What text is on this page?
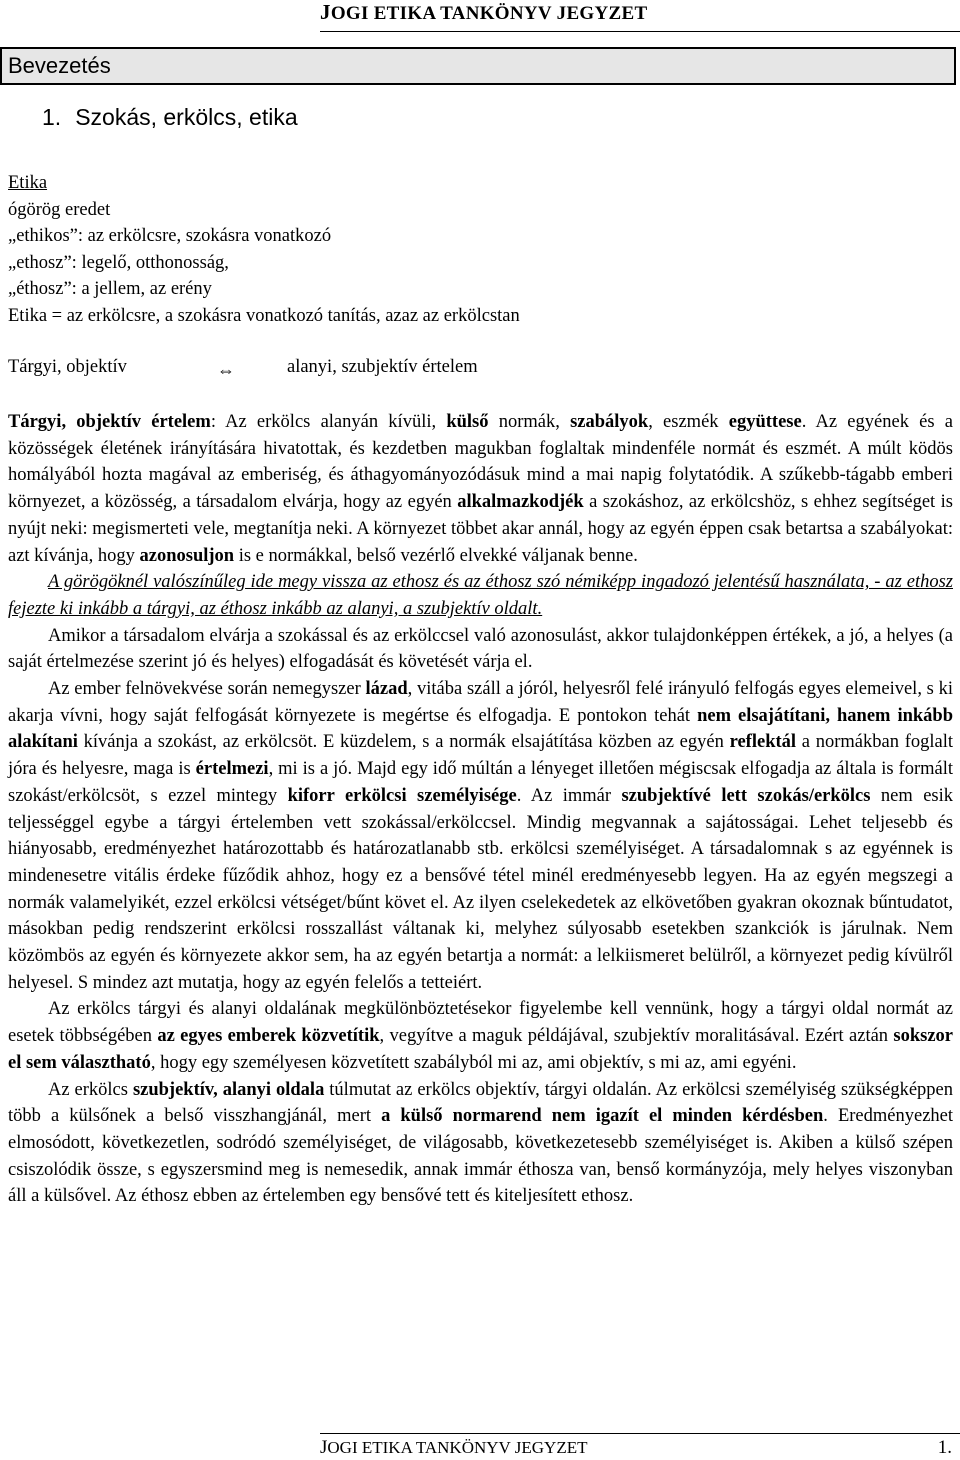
JOGI ETIKA TANKÖNYV JEGYZET
Bevezetés
1. Szokás, erkölcs, etika
Etika
ógörög eredet
„ethikos”: az erkölcsre, szokásra vonatkozó
„ethosz”: legelő, otthonosság,
„éthosz”: a jellem, az erény
Etika = az erkölcsre, a szokásra vonatkozó tanítás, azaz az erkölcstan
Tárgyi, objektív	⇔	alanyi, szubjektív értelem

Tárgyi, objektív értelem: Az erkölcs alanyán kívüli, külső normák, szabályok, eszmék együttese. Az egyének és a közösségek életének irányítására hivatottak, és kezdetben magukban foglaltak mindenféle normát és eszmét. A múlt ködös homályából hozta magával az emberiség, és áthagyományozódásuk mind a mai napig folytatódik. A szűkebb-tágabb emberi környezet, a közösség, a társadalom elvárja, hogy az egyén alkalmazkodjék a szokáshoz, az erkölcshöz, s ehhez segítséget is nyújt neki: megismerteti vele, megtanítja neki. A környezet többet akar annál, hogy az egyén éppen csak betartsa a szabályokat: azt kívánja, hogy azonosuljon is e normákkal, belső vezérlő elvekké váljanak benne.

A görögöknél valószínűleg ide megy vissza az ethosz és az éthosz szó némiképp ingadozó jelentésű használata, - az ethosz fejezte ki inkább a tárgyi, az éthosz inkább az alanyi, a szubjektív oldalt.

Amikor a társadalom elvárja a szokással és az erkölccsel való azonosulást, akkor tulajdonképpen értékek, a jó, a helyes (a saját értelmezése szerint jó és helyes) elfogadását és követését várja el.

Az ember felnövekvése során nemegyszer lázad, vitába száll a jóról, helyesről felé irányuló felfogás egyes elemeivel, s ki akarja vívni, hogy saját felfogását környezete is megértse és elfogadja. E pontokon tehát nem elsajátítani, hanem inkább alakítani kívánja a szokást, az erkölcsöt. E küzdelem, s a normák elsajátítása közben az egyén reflektál a normákban foglalt jóra és helyesre, maga is értelmezi, mi is a jó. Majd egy idő múltán a lényeget illetően mégiscsak elfogadja az általa is formált szokást/erkölcsöt, s ezzel mintegy kiforr erkölcsi személyisége. Az immár szubjektívé lett szokás/erkölcs nem esik teljességgel egybe a tárgyi értelemben vett szokással/erkölccsel. Mindig megvannak a sajátosságai. Lehet teljesebb és hiányosabb, eredményezhet határozottabb és határozatlanabb stb. erkölcsi személyiséget. A társadalomnak s az egyénnek is mindenesetre vitális érdeke fűződik ahhoz, hogy ez a bensővé tétel minél eredményesebb legyen. Ha az egyén megszegi a normák valamelyikét, ezzel erkölcsi vétséget/bűnt követ el. Az ilyen cselekedetek az elkövetőben gyakran okoznak bűntudatot, másokban pedig rendszerint erkölcsi rosszallást váltanak ki, melyhez súlyosabb esetekben szankciók is járulnak. Nem közömbös az egyén és környezete akkor sem, ha az egyén betartja a normát: a lelkiismeret belülről, a környezet pedig kívülről helyesel. S mindez azt mutatja, hogy az egyén felelős a tetteiért.

Az erkölcs tárgyi és alanyi oldalának megkülönböztetésekor figyelembe kell vennünk, hogy a tárgyi oldal normát az esetek többségében az egyes emberek közvetítik, vegyítve a maguk példájával, szubjektív moralitásával. Ezért aztán sokszor el sem választható, hogy egy személyesen közvetített szabályból mi az, ami objektív, s mi az, ami egyéni.

Az erkölcs szubjektív, alanyi oldala túlmutat az erkölcs objektív, tárgyi oldalán. Az erkölcsi személyiség szükségképpen több a külsőnek a belső visszhangjánál, mert a külső normarend nem igazít el minden kérdésben. Eredményezhet elmosódott, következetlen, sodródó személyiséget, de világosabb, következetesebb személyiséget is. Akiben a külső szépen csiszolódik össze, s egyszersmind meg is nemesedik, annak immár éthosza van, benső kormányzója, mely helyes viszonyban áll a külsővel. Az éthosz ebben az értelemben egy bensővé tett és kiteljesített ethosz.

JOGI ETIKA TANKÖNYV JEGYZET	1.
